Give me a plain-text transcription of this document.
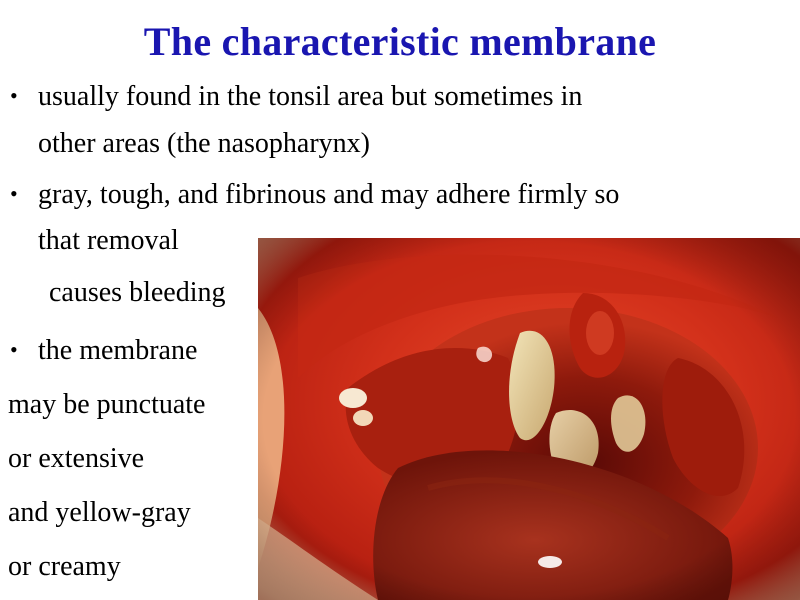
The characteristic membrane
• usually found in the tonsil area but sometimes in
other areas (the nasopharynx)
• gray, tough, and fibrinous and may adhere firmly so
that removal
causes bleeding
• the membrane
may be punctuate
or extensive
and yellow-gray
or creamy
